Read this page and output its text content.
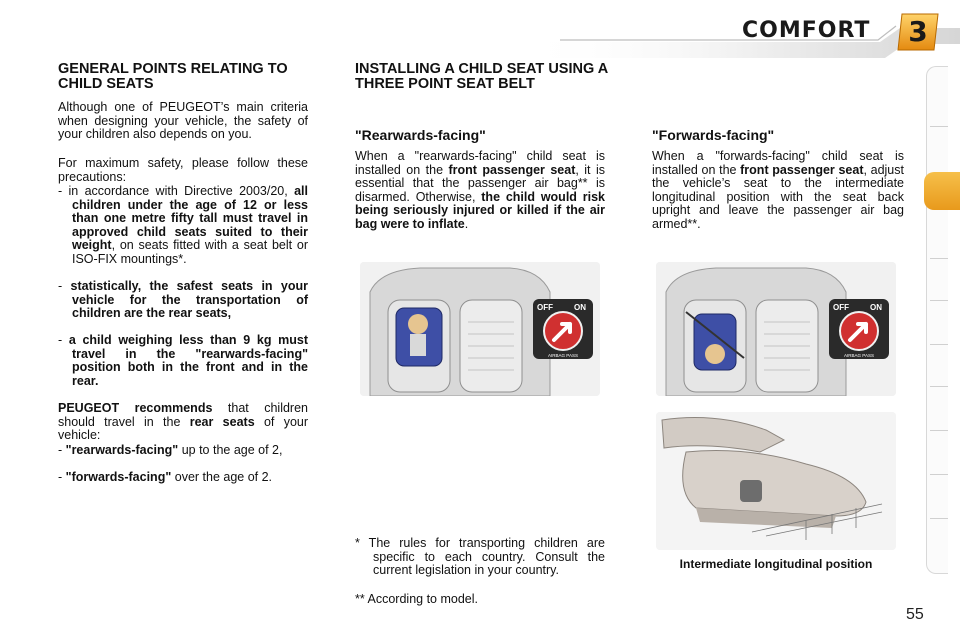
COMFORT	3
GENERAL POINTS RELATING TO CHILD SEATS
Although one of PEUGEOT’s main criteria when designing your vehicle, the safety of your children also depends on you.
For maximum safety, please follow these precautions:
- in accordance with Directive 2003/20, all children under the age of 12 or less than one metre fifty tall must travel in approved child seats suited to their weight, on seats fitted with a seat belt or ISO-FIX mountings*.
- statistically, the safest seats in your vehicle for the transportation of children are the rear seats,
- a child weighing less than 9 kg must travel in the "rearwards-facing" position both in the front and in the rear.
PEUGEOT recommends that children should travel in the rear seats of your vehicle:
- "rearwards-facing" up to the age of 2,
- "forwards-facing" over the age of 2.
INSTALLING A CHILD SEAT USING A THREE POINT SEAT BELT
"Rearwards-facing"
When a "rearwards-facing" child seat is installed on the front passenger seat, it is essential that the passenger air bag** is disarmed. Otherwise, the child would risk being seriously injured or killed if the air bag were to inflate.
OFF	ON
AIRBAG PASS
* The rules for transporting children are specific to each country. Consult the current legislation in your country.
** According to model.
"Forwards-facing"
When a "forwards-facing" child seat is installed on the front passenger seat, adjust the vehicle’s seat to the intermediate longitudinal position with the seat back upright and leave the passenger air bag armed**.
OFF	ON
AIRBAG PASS
Intermediate longitudinal position
55
